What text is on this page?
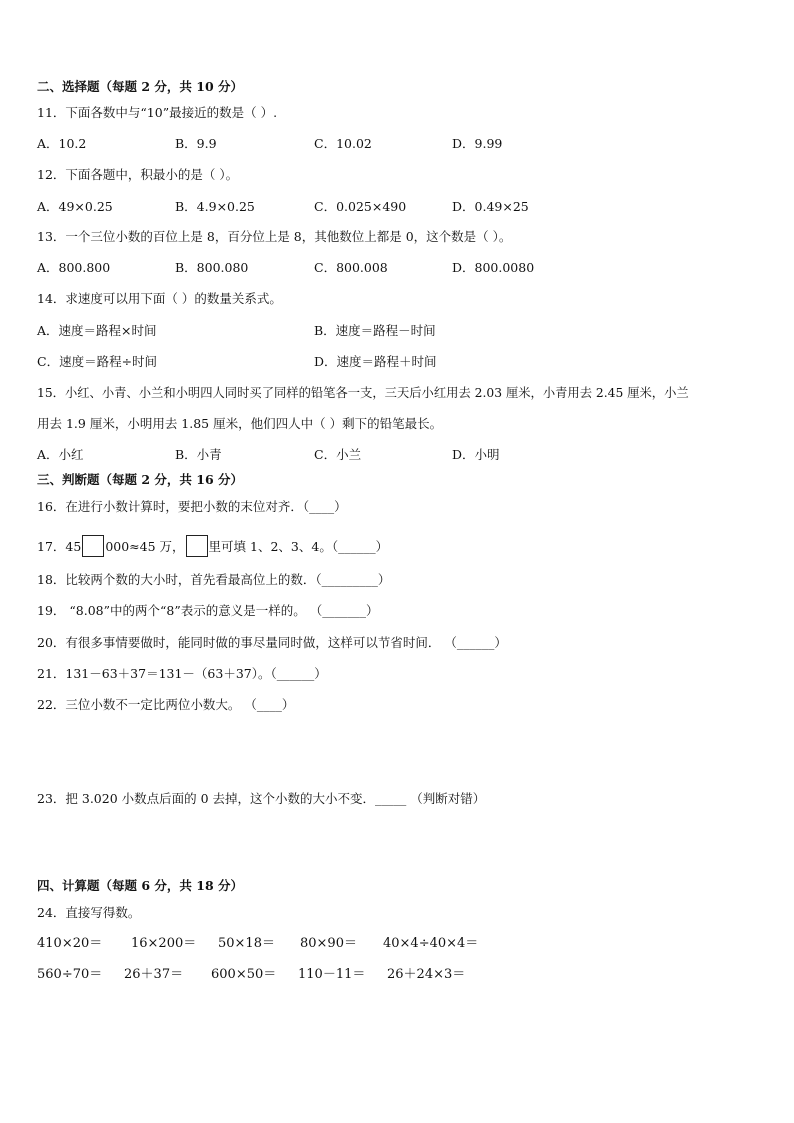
二、选择题（每题 2 分，共 10 分）
11．下面各数中与“10”最接近的数是（ ）.
A．10.2	B．9.9	C．10.02	D．9.99
12．下面各题中，积最小的是（ ）。
A．49×0.25	B．4.9×0.25	C．0.025×490	D．0.49×25
13．一个三位小数的百位上是 8，百分位上是 8，其他数位上都是 0，这个数是（ ）。
A．800.800	B．800.080	C．800.008	D．800.0080
14．求速度可以用下面（ ）的数量关系式。
A．速度＝路程×时间	B．速度＝路程－时间
C．速度＝路程÷时间	D．速度＝路程＋时间
15．小红、小青、小兰和小明四人同时买了同样的铅笔各一支，三天后小红用去 2.03 厘米，小青用去 2.45 厘米，小兰
用去 1.9 厘米，小明用去 1.85 厘米，他们四人中（ ）剩下的铅笔最长。
A．小红	B．小青	C．小兰	D．小明
三、判断题（每题 2 分，共 16 分）
16．在进行小数计算时，要把小数的末位对齐．（____）
17．45 000≈45 万， 里可填 1、2、3、4。（______）
18．比较两个数的大小时，首先看最高位上的数．（_________）
19． “8.08”中的两个“8”表示的意义是一样的。 （_______）
20．有很多事情要做时，能同时做的事尽量同时做，这样可以节省时间． （______）
21．131－63＋37＝131－（63＋37）。（______）
22．三位小数不一定比两位小数大。 （____）
23．把 3.020 小数点后面的 0 去掉，这个小数的大小不变．_____ （判断对错）
四、计算题（每题 6 分，共 18 分）
24．直接写得数。
410×20＝ 16×200＝ 50×18＝ 80×90＝ 40×4÷40×4＝
560÷70＝ 26＋37＝ 600×50＝ 110－11＝ 26＋24×3＝
